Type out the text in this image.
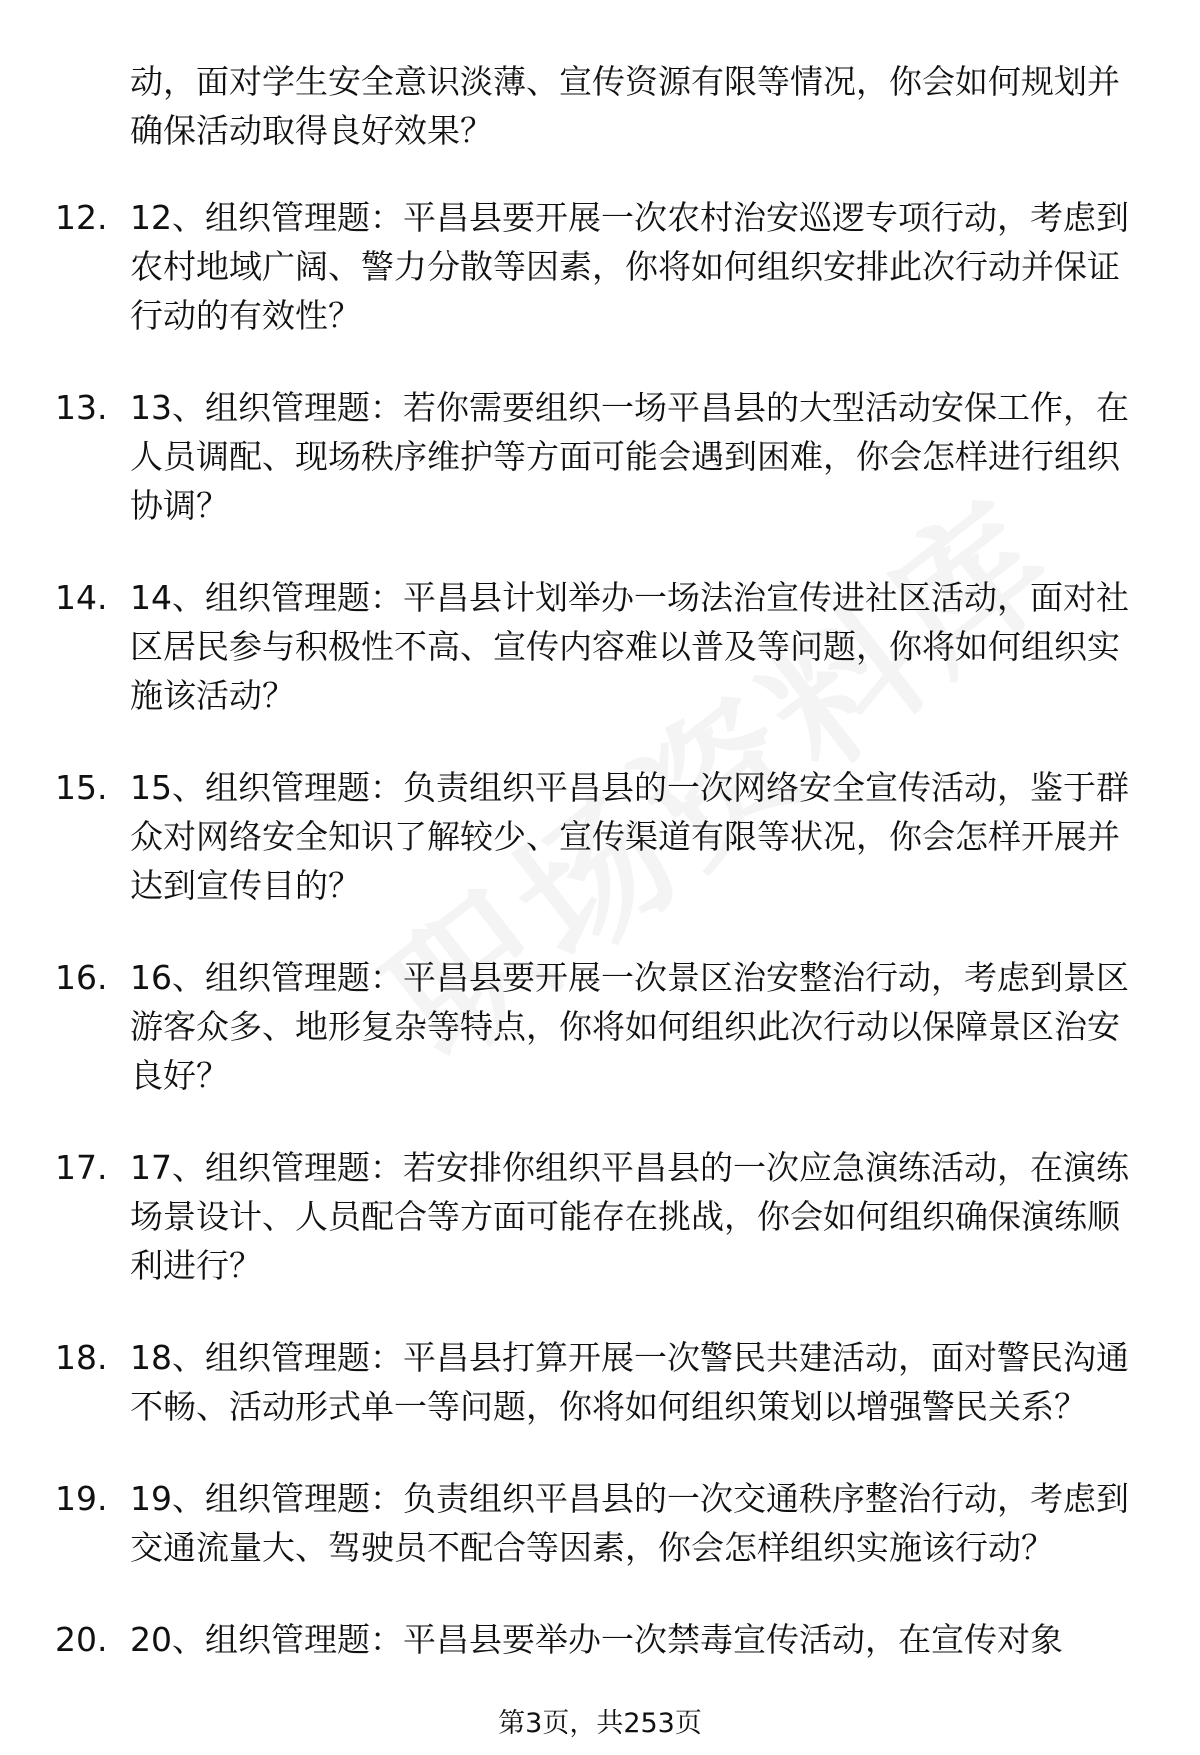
动，面对学生安全意识淡薄、宣传资源有限等情况，你会如何规划并确保活动取得良好效果？

12. 12、组织管理题：平昌县要开展一次农村治安巡逻专项行动，考虑到农村地域广阔、警力分散等因素，你将如何组织安排此次行动并保证行动的有效性？
13. 13、组织管理题：若你需要组织一场平昌县的大型活动安保工作，在人员调配、现场秩序维护等方面可能会遇到困难，你会怎样进行组织协调？
14. 14、组织管理题：平昌县计划举办一场法治宣传进社区活动，面对社区居民参与积极性不高、宣传内容难以普及等问题，你将如何组织实施该活动？
15. 15、组织管理题：负责组织平昌县的一次网络安全宣传活动，鉴于群众对网络安全知识了解较少、宣传渠道有限等状况，你会怎样开展并达到宣传目的？
16. 16、组织管理题：平昌县要开展一次景区治安整治行动，考虑到景区游客众多、地形复杂等特点，你将如何组织此次行动以保障景区治安良好？
17. 17、组织管理题：若安排你组织平昌县的一次应急演练活动，在演练场景设计、人员配合等方面可能存在挑战，你会如何组织确保演练顺利进行？
18. 18、组织管理题：平昌县打算开展一次警民共建活动，面对警民沟通不畅、活动形式单一等问题，你将如何组织策划以增强警民关系？
19. 19、组织管理题：负责组织平昌县的一次交通秩序整治行动，考虑到交通流量大、驾驶员不配合等因素，你会怎样组织实施该行动？
20. 20、组织管理题：平昌县要举办一次禁毒宣传活动，在宣传对象
第3页，共253页
